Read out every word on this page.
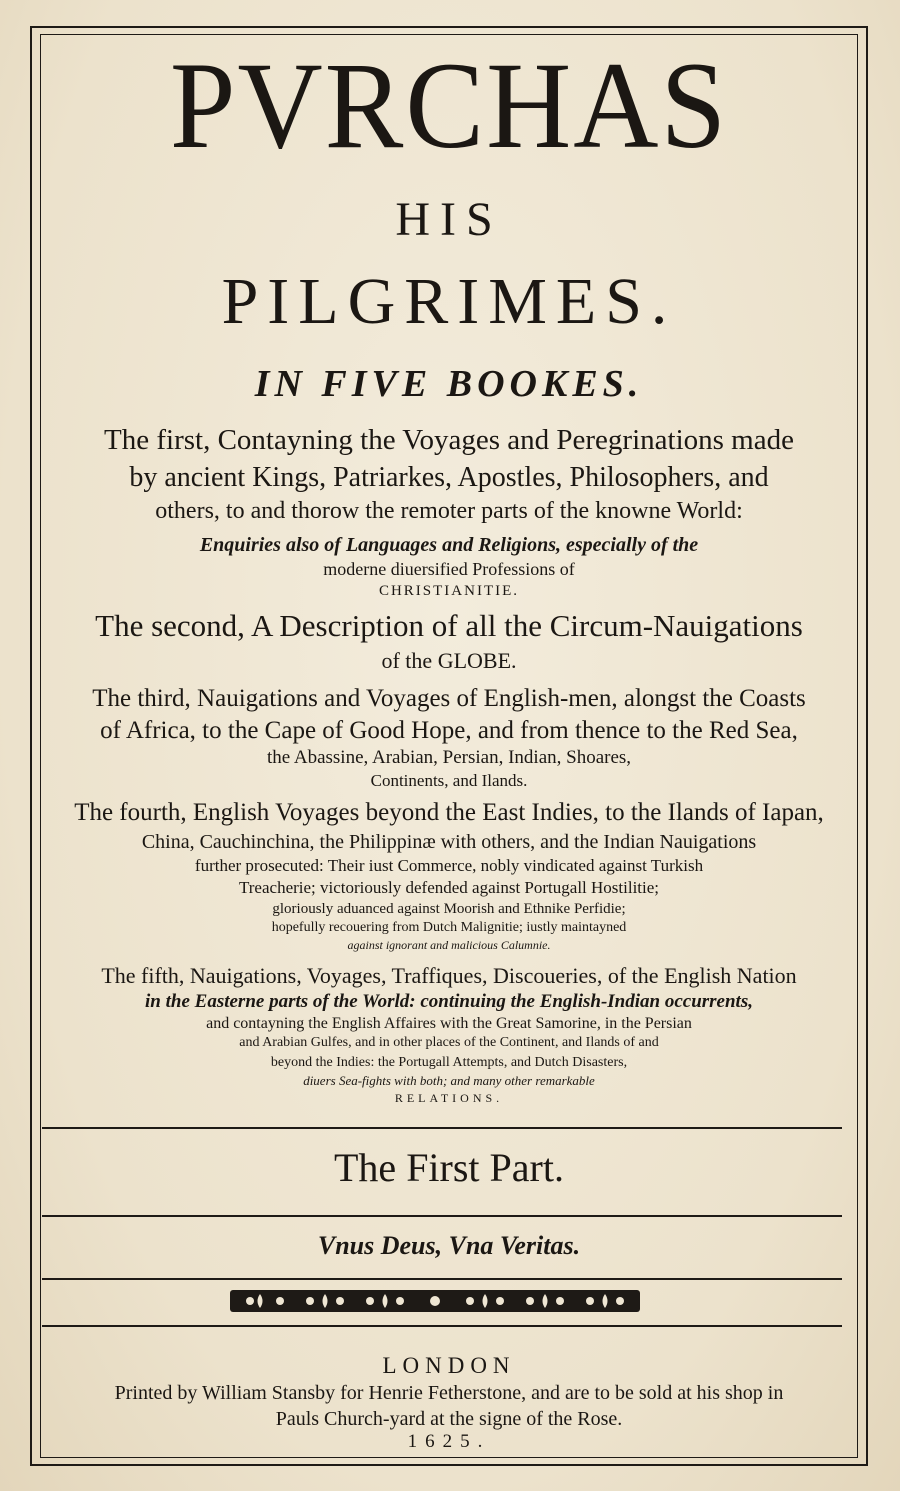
PVRCHAS
HIS
PILGRIMES.
IN FIVE BOOKES.
The first, Contayning the Voyages and Peregrinations made
by ancient Kings, Patriarkes, Apostles, Philosophers, and
others, to and thorow the remoter parts of the knowne World:
Enquiries also of Languages and Religions, especially of the
moderne diuersified Professions of
CHRISTIANITIE.
The second, A Description of all the Circum-Nauigations
of the GLOBE.
The third, Nauigations and Voyages of English-men, alongst the Coasts
of Africa, to the Cape of Good Hope, and from thence to the Red Sea,
the Abassine, Arabian, Persian, Indian, Shoares,
Continents, and Ilands.
The fourth, English Voyages beyond the East Indies, to the Ilands of Iapan,
China, Cauchinchina, the Philippinæ with others, and the Indian Nauigations
further prosecuted: Their iust Commerce, nobly vindicated against Turkish
Treacherie; victoriously defended against Portugall Hostilitie;
gloriously aduanced against Moorish and Ethnike Perfidie;
hopefully recouering from Dutch Malignitie; iustly maintayned
against ignorant and malicious Calumnie.
The fifth, Nauigations, Voyages, Traffiques, Discoueries, of the English Nation
in the Easterne parts of the World: continuing the English-Indian occurrents,
and contayning the English Affaires with the Great Samorine, in the Persian
and Arabian Gulfes, and in other places of the Continent, and Ilands of and
beyond the Indies: the Portugall Attempts, and Dutch Disasters,
diuers Sea-fights with both; and many other remarkable
RELATIONS.
The First Part.
Vnus Deus, Vna Veritas.
LONDON
Printed by William Stansby for Henrie Fetherstone, and are to be sold at his shop in
Pauls Church-yard at the signe of the Rose.
1625.
